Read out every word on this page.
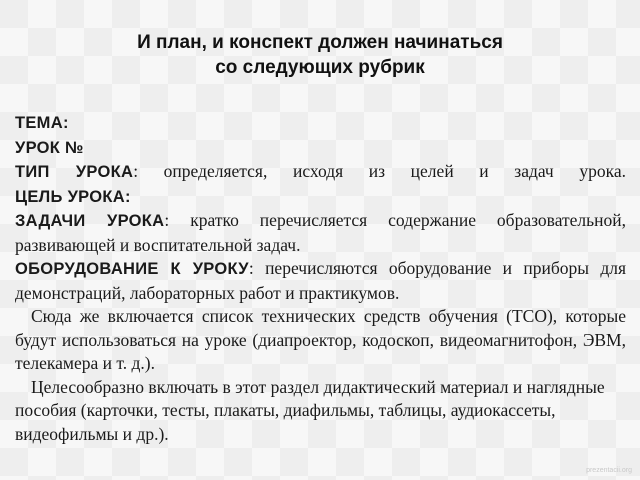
И план, и конспект должен начинаться
со следующих рубрик

ТЕМА:

УРОК №

ТИП УРОКА: определяется, исходя из целей и задач урока.

ЦЕЛЬ УРОКА:

ЗАДАЧИ УРОКА: кратко перечисляется содержание образовательной, развивающей и воспитательной задач.

ОБОРУДОВАНИЕ К УРОКУ: перечисляются оборудование и приборы для демонстраций, лабораторных работ и практикумов.

Сюда же включается список технических средств обучения (ТСО), которые будут использоваться на уроке (диапроектор, кодоскоп, видеомагнитофон, ЭВМ, телекамера и т. д.).

Целесообразно включать в этот раздел дидактический материал и наглядные пособия (карточки, тесты, плакаты, диафильмы, таблицы, аудиокассеты, видеофильмы и др.).

prezentacii.org
